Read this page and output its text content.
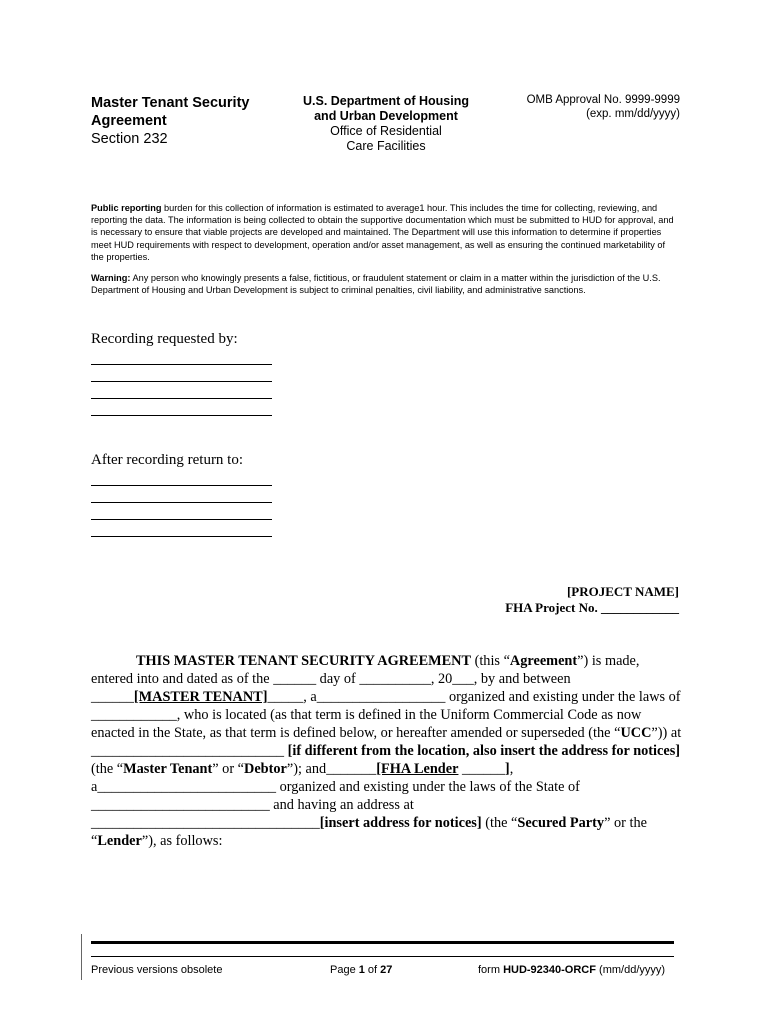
Master Tenant Security
Agreement
Section 232
U.S. Department of Housing
and Urban Development
Office of Residential
Care Facilities
OMB Approval No. 9999-9999
(exp. mm/dd/yyyy)
Public reporting burden for this collection of information is estimated to average1 hour. This includes the time for collecting, reviewing, and reporting the data. The information is being collected to obtain the supportive documentation which must be submitted to HUD for approval, and is necessary to ensure that viable projects are developed and maintained. The Department will use this information to determine if properties meet HUD requirements with respect to development, operation and/or asset management, as well as ensuring the continued marketability of the properties.
Warning: Any person who knowingly presents a false, fictitious, or fraudulent statement or claim in a matter within the jurisdiction of the U.S. Department of Housing and Urban Development is subject to criminal penalties, civil liability, and administrative sanctions.
Recording requested by:
After recording return to:
[PROJECT NAME]
FHA Project No. ____________
THIS MASTER TENANT SECURITY AGREEMENT (this “Agreement”) is made, entered into and dated as of the ______ day of __________, 20___, by and between ______[MASTER TENANT]_____, a__________________ organized and existing under the laws of ____________, who is located (as that term is defined in the Uniform Commercial Code as now enacted in the State, as that term is defined below, or hereafter amended or superseded (the “UCC”)) at ___________________________ [if different from the location, also insert the address for notices] (the “Master Tenant” or “Debtor”); and_______[FHA Lender ______], a_________________________ organized and existing under the laws of the State of _________________________ and having an address at ________________________________[insert address for notices] (the “Secured Party” or the “Lender”), as follows:
Previous versions obsolete	Page 1 of 27	form HUD-92340-ORCF (mm/dd/yyyy)
